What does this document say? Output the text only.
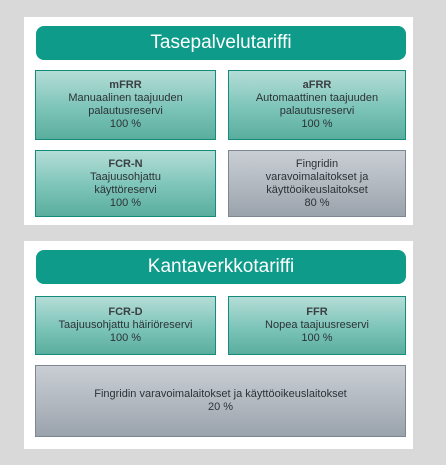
Tasepalvelutariffi
mFRR
Manuaalinen taajuuden
palautusreservi
100 %
aFRR
Automaattinen taajuuden
palautusreservi
100 %
FCR-N
Taajuusohjattu
käyttöreservi
100 %
Fingridin
varavoimalaitokset ja
käyttöoikeuslaitokset
80 %
Kantaverkkotariffi
FCR-D
Taajuusohjattu häiriöreservi
100 %
FFR
Nopea taajuusreservi
100 %
Fingridin varavoimalaitokset ja käyttöoikeuslaitokset
20 %
